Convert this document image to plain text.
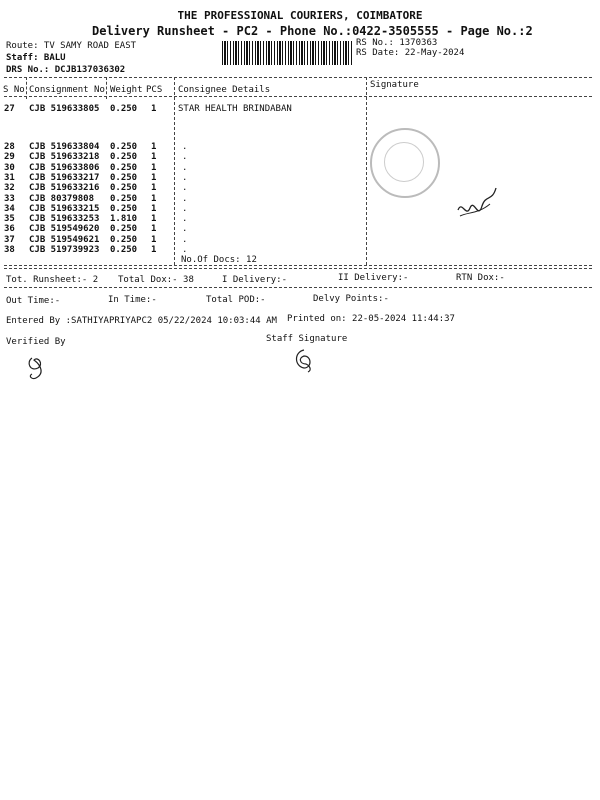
THE PROFESSIONAL COURIERS, COIMBATORE
Delivery Runsheet - PC2 - Phone No.:0422-3505555 - Page No.:2
Route: TV SAMY ROAD EAST
Staff: BALU
DRS No.: DCJB137036302
RS No.: 1370363
RS Date: 22-May-2024
S No Consignment No Weight PCS Consignee Details	Signature
27 CJB 519633805 0.250 1 STAR HEALTH BRINDABAN
28 CJB 519633804 0.250 1	.
29 CJB 519633218 0.250 1	.
30 CJB 519633806 0.250 1	.
31 CJB 519633217 0.250 1	.
32 CJB 519633216 0.250 1	.
33 CJB 80379808 0.250 1	.
34 CJB 519633215 0.250 1	.
35 CJB 519633253 1.810 1	.
36 CJB 519549620 0.250 1	.
37 CJB 519549621 0.250 1	.
38 CJB 519739923 0.250 1	.
No.Of Docs: 12
Tot. Runsheet:- 2 Total Dox:- 38	I Delivery:-	II Delivery:-	RTN Dox:-
Out Time:-	In Time:-	Total POD:-	Delvy Points:-
Entered By :SATHIYAPRIYAPC2 05/22/2024 10:03:44 AM Printed on: 22-05-2024 11:44:37
Verified By	Staff Signature
